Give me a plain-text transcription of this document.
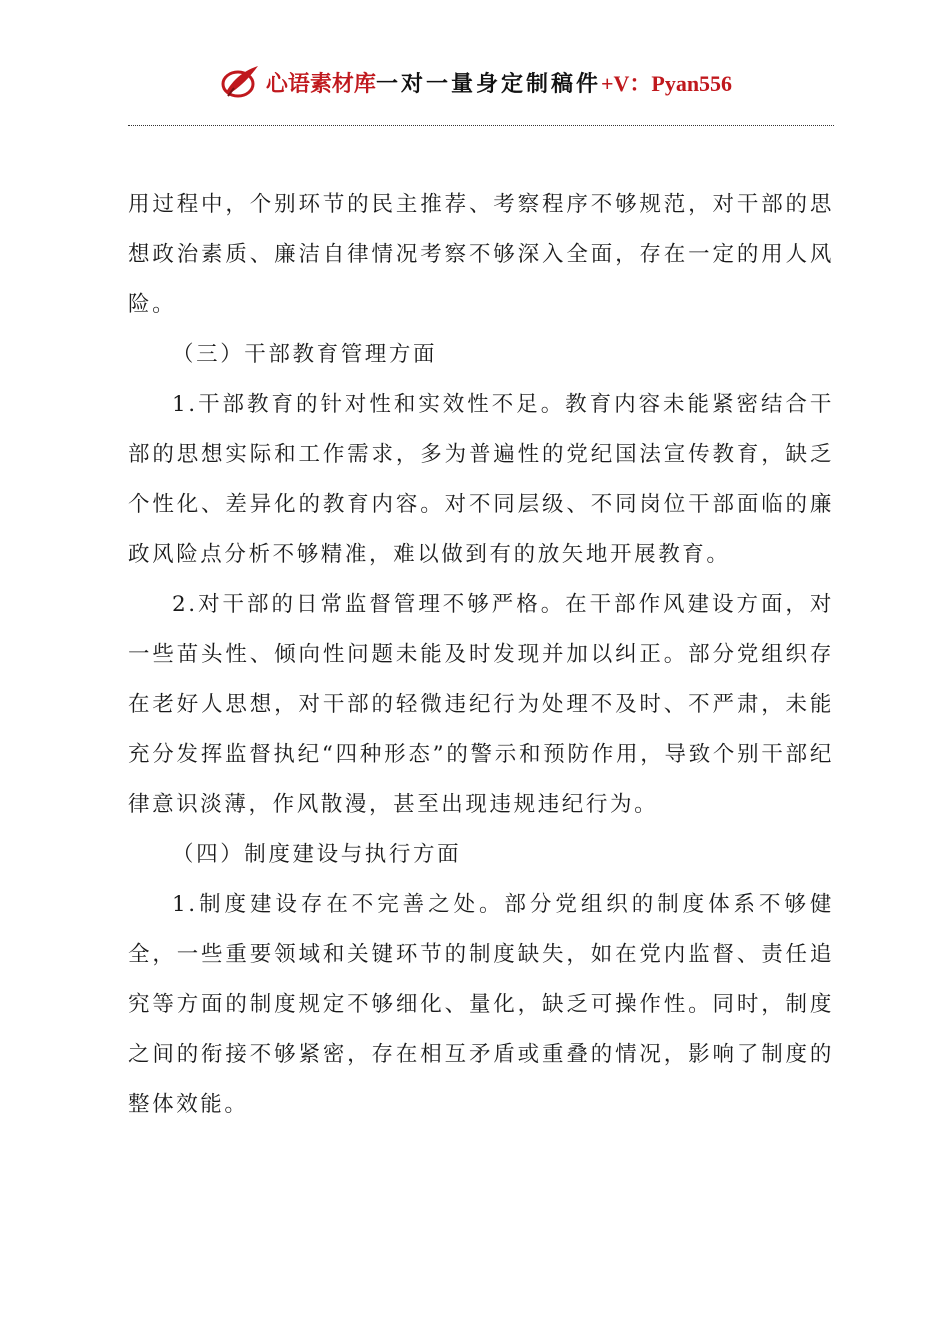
心语素材库 一对一量身定制稿件 +V：Pyan556

用过程中，个别环节的民主推荐、考察程序不够规范，对干部的思想政治素质、廉洁自律情况考察不够深入全面，存在一定的用人风险。

（三）干部教育管理方面

1.干部教育的针对性和实效性不足。教育内容未能紧密结合干部的思想实际和工作需求，多为普遍性的党纪国法宣传教育，缺乏个性化、差异化的教育内容。对不同层级、不同岗位干部面临的廉政风险点分析不够精准，难以做到有的放矢地开展教育。

2.对干部的日常监督管理不够严格。在干部作风建设方面，对一些苗头性、倾向性问题未能及时发现并加以纠正。部分党组织存在老好人思想，对干部的轻微违纪行为处理不及时、不严肃，未能充分发挥监督执纪“四种形态”的警示和预防作用，导致个别干部纪律意识淡薄，作风散漫，甚至出现违规违纪行为。

（四）制度建设与执行方面

1.制度建设存在不完善之处。部分党组织的制度体系不够健全，一些重要领域和关键环节的制度缺失，如在党内监督、责任追究等方面的制度规定不够细化、量化，缺乏可操作性。同时，制度之间的衔接不够紧密，存在相互矛盾或重叠的情况，影响了制度的整体效能。
